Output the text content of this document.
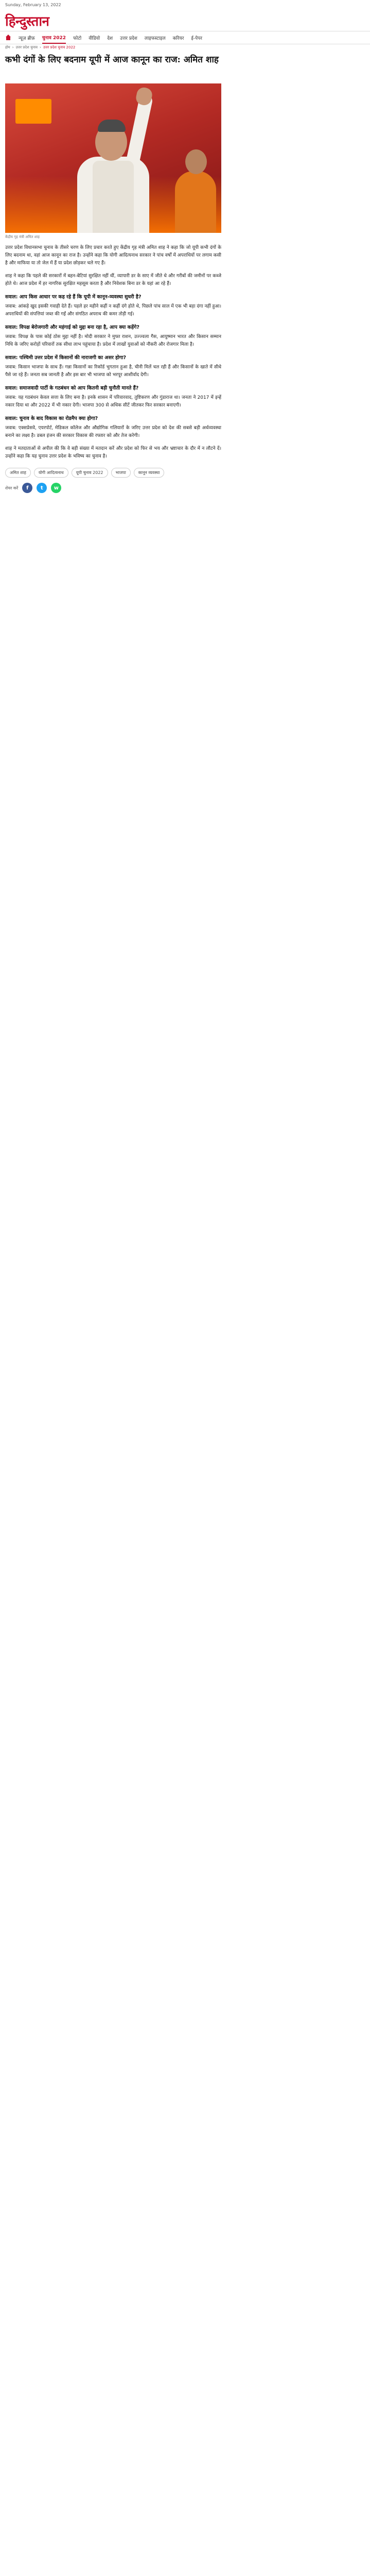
Sunday, February 13, 2022
हिन्दुस्तान
न्यूज़ ब्रीफ़ चुनाव 2022 फोटो वीडियो देश उत्तर प्रदेश लाइफस्टाइल करियर ई-पेपर
होम › उत्तर प्रदेश चुनाव › उत्तर प्रदेश चुनाव 2022
कभी दंगों के लिए बदनाम यूपी में आज कानून का राज: अमित शाह
केंद्रीय गृह मंत्री अमित शाह

उत्तर प्रदेश विधानसभा चुनाव के तीसरे चरण के लिए प्रचार करते हुए केंद्रीय गृह मंत्री अमित शाह ने कहा कि जो यूपी कभी दंगों के लिए बदनाम था, वहां आज कानून का राज है। उन्होंने कहा कि योगी आदित्यनाथ सरकार ने पांच वर्षों में अपराधियों पर लगाम कसी है और माफिया या तो जेल में हैं या प्रदेश छोड़कर चले गए हैं।

शाह ने कहा कि पहले की सरकारों में बहन-बेटियां सुरक्षित नहीं थीं, व्यापारी डर के साए में जीते थे और गरीबों की जमीनों पर कब्जे होते थे। आज प्रदेश में हर नागरिक सुरक्षित महसूस करता है और निवेशक बिना डर के यहां आ रहे हैं।

सवाल: आप किस आधार पर कह रहे हैं कि यूपी में कानून-व्यवस्था सुधरी है?

जवाब: आंकड़े खुद इसकी गवाही देते हैं। पहले हर महीने कहीं न कहीं दंगे होते थे, पिछले पांच साल में एक भी बड़ा दंगा नहीं हुआ। अपराधियों की संपत्तियां जब्त की गईं और संगठित अपराध की कमर तोड़ी गई।

सवाल: विपक्ष बेरोजगारी और महंगाई को मुद्दा बना रहा है, आप क्या कहेंगे?

जवाब: विपक्ष के पास कोई ठोस मुद्दा नहीं है। मोदी सरकार ने मुफ्त राशन, उज्ज्वला गैस, आयुष्मान भारत और किसान सम्मान निधि के जरिए करोड़ों परिवारों तक सीधा लाभ पहुंचाया है। प्रदेश में लाखों युवाओं को नौकरी और रोजगार मिला है।

सवाल: पश्चिमी उत्तर प्रदेश में किसानों की नाराजगी का असर होगा?

जवाब: किसान भाजपा के साथ हैं। गन्ना किसानों का रिकॉर्ड भुगतान हुआ है, चीनी मिलें चल रही हैं और किसानों के खाते में सीधे पैसे जा रहे हैं। जनता सब जानती है और इस बार भी भाजपा को भरपूर आशीर्वाद देगी।

सवाल: समाजवादी पार्टी के गठबंधन को आप कितनी बड़ी चुनौती मानते हैं?

जवाब: यह गठबंधन केवल सत्ता के लिए बना है। इनके शासन में परिवारवाद, तुष्टिकरण और गुंडाराज था। जनता ने 2017 में इन्हें नकार दिया था और 2022 में भी नकार देगी। भाजपा 300 से अधिक सीटें जीतकर फिर सरकार बनाएगी।

सवाल: चुनाव के बाद विकास का रोडमैप क्या होगा?

जवाब: एक्सप्रेसवे, एयरपोर्ट, मेडिकल कॉलेज और औद्योगिक गलियारों के जरिए उत्तर प्रदेश को देश की सबसे बड़ी अर्थव्यवस्था बनाने का लक्ष्य है। डबल इंजन की सरकार विकास की रफ्तार को और तेज करेगी।

शाह ने मतदाताओं से अपील की कि वे बड़ी संख्या में मतदान करें और प्रदेश को फिर से भय और भ्रष्टाचार के दौर में न लौटने दें। उन्होंने कहा कि यह चुनाव उत्तर प्रदेश के भविष्य का चुनाव है।

अमित शाह	योगी आदित्यनाथ	यूपी चुनाव 2022	भाजपा	कानून व्यवस्था
शेयर करें	f	t	w
